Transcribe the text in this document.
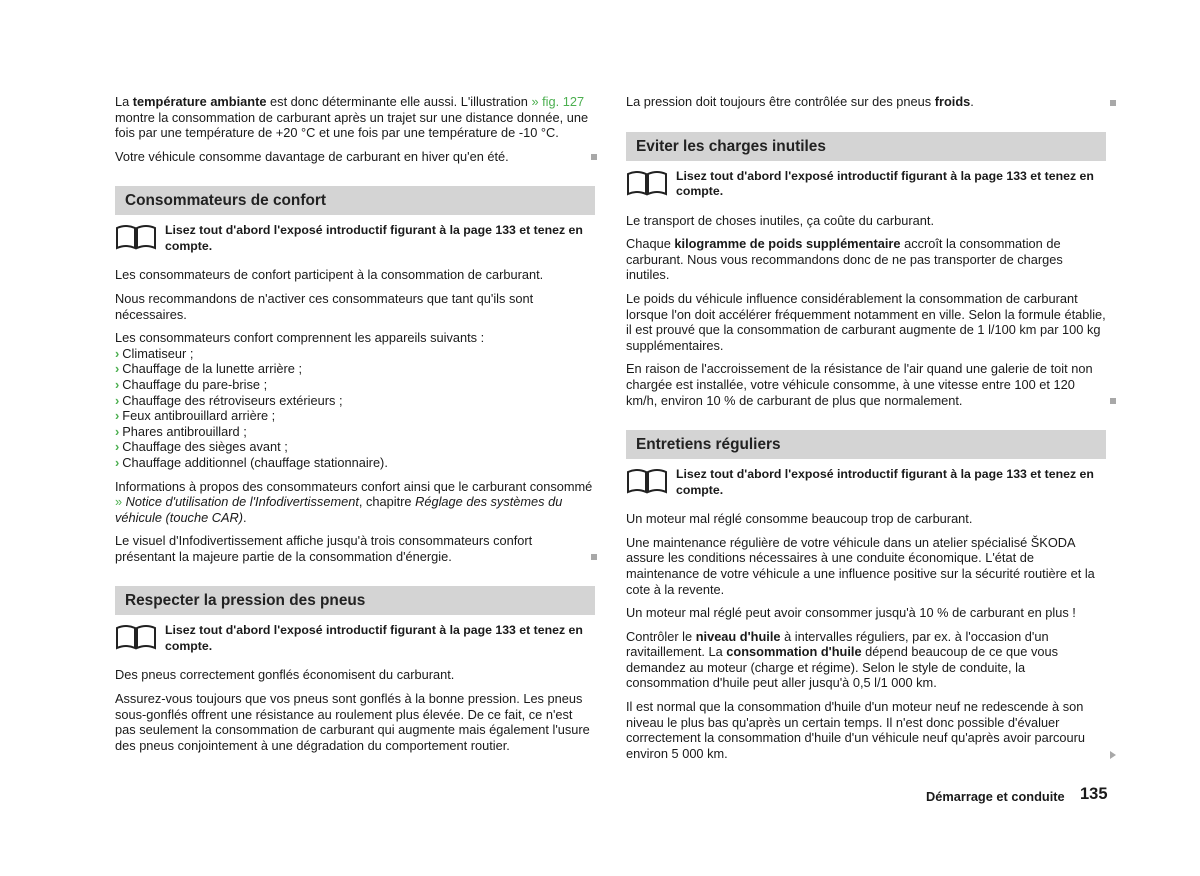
La température ambiante est donc déterminante elle aussi. L'illustration » fig. 127
montre la consommation de carburant après un trajet sur une distance donnée, une fois par une température de +20 °C et une fois par une température de -10 °C.

Votre véhicule consomme davantage de carburant en hiver qu'en été.

Consommateurs de confort
Lisez tout d'abord l'exposé introductif figurant à la page 133 et tenez en compte.

Les consommateurs de confort participent à la consommation de carburant.

Nous recommandons de n'activer ces consommateurs que tant qu'ils sont nécessaires.

Les consommateurs confort comprennent les appareils suivants :

› Climatiseur ;
› Chauffage de la lunette arrière ;
› Chauffage du pare-brise ;
› Chauffage des rétroviseurs extérieurs ;
› Feux antibrouillard arrière ;
› Phares antibrouillard ;
› Chauffage des sièges avant ;
› Chauffage additionnel (chauffage stationnaire).

Informations à propos des consommateurs confort ainsi que le carburant consommé » Notice d'utilisation de l'Infodivertissement, chapitre Réglage des systèmes du véhicule (touche CAR).

Le visuel d'Infodivertissement affiche jusqu'à trois consommateurs confort présentant la majeure partie de la consommation d'énergie.

Respecter la pression des pneus
Lisez tout d'abord l'exposé introductif figurant à la page 133 et tenez en compte.

Des pneus correctement gonflés économisent du carburant.

Assurez-vous toujours que vos pneus sont gonflés à la bonne pression. Les pneus sous-gonflés offrent une résistance au roulement plus élevée. De ce fait, ce n'est pas seulement la consommation de carburant qui augmente mais également l'usure des pneus conjointement à une dégradation du comportement routier.

La pression doit toujours être contrôlée sur des pneus froids.

Eviter les charges inutiles
Lisez tout d'abord l'exposé introductif figurant à la page 133 et tenez en compte.

Le transport de choses inutiles, ça coûte du carburant.

Chaque kilogramme de poids supplémentaire accroît la consommation de carburant. Nous vous recommandons donc de ne pas transporter de charges inutiles.

Le poids du véhicule influence considérablement la consommation de carburant lorsque l'on doit accélérer fréquemment notamment en ville. Selon la formule établie, il est prouvé que la consommation de carburant augmente de 1 l/100 km par 100 kg supplémentaires.

En raison de l'accroissement de la résistance de l'air quand une galerie de toit non chargée est installée, votre véhicule consomme, à une vitesse entre 100 et 120 km/h, environ 10 % de carburant de plus que normalement.

Entretiens réguliers
Lisez tout d'abord l'exposé introductif figurant à la page 133 et tenez en compte.

Un moteur mal réglé consomme beaucoup trop de carburant.

Une maintenance régulière de votre véhicule dans un atelier spécialisé ŠKODA assure les conditions nécessaires à une conduite économique. L'état de maintenance de votre véhicule a une influence positive sur la sécurité routière et la cote à la revente.

Un moteur mal réglé peut avoir consommer jusqu'à 10 % de carburant en plus !

Contrôler le niveau d'huile à intervalles réguliers, par ex. à l'occasion d'un ravitaillement. La consommation d'huile dépend beaucoup de ce que vous demandez au moteur (charge et régime). Selon le style de conduite, la consommation d'huile peut aller jusqu'à 0,5 l/1 000 km.

Il est normal que la consommation d'huile d'un moteur neuf ne redescende à son niveau le plus bas qu'après un certain temps. Il n'est donc possible d'évaluer correctement la consommation d'huile d'un véhicule neuf qu'après avoir parcouru environ 5 000 km.

Démarrage et conduite 135
